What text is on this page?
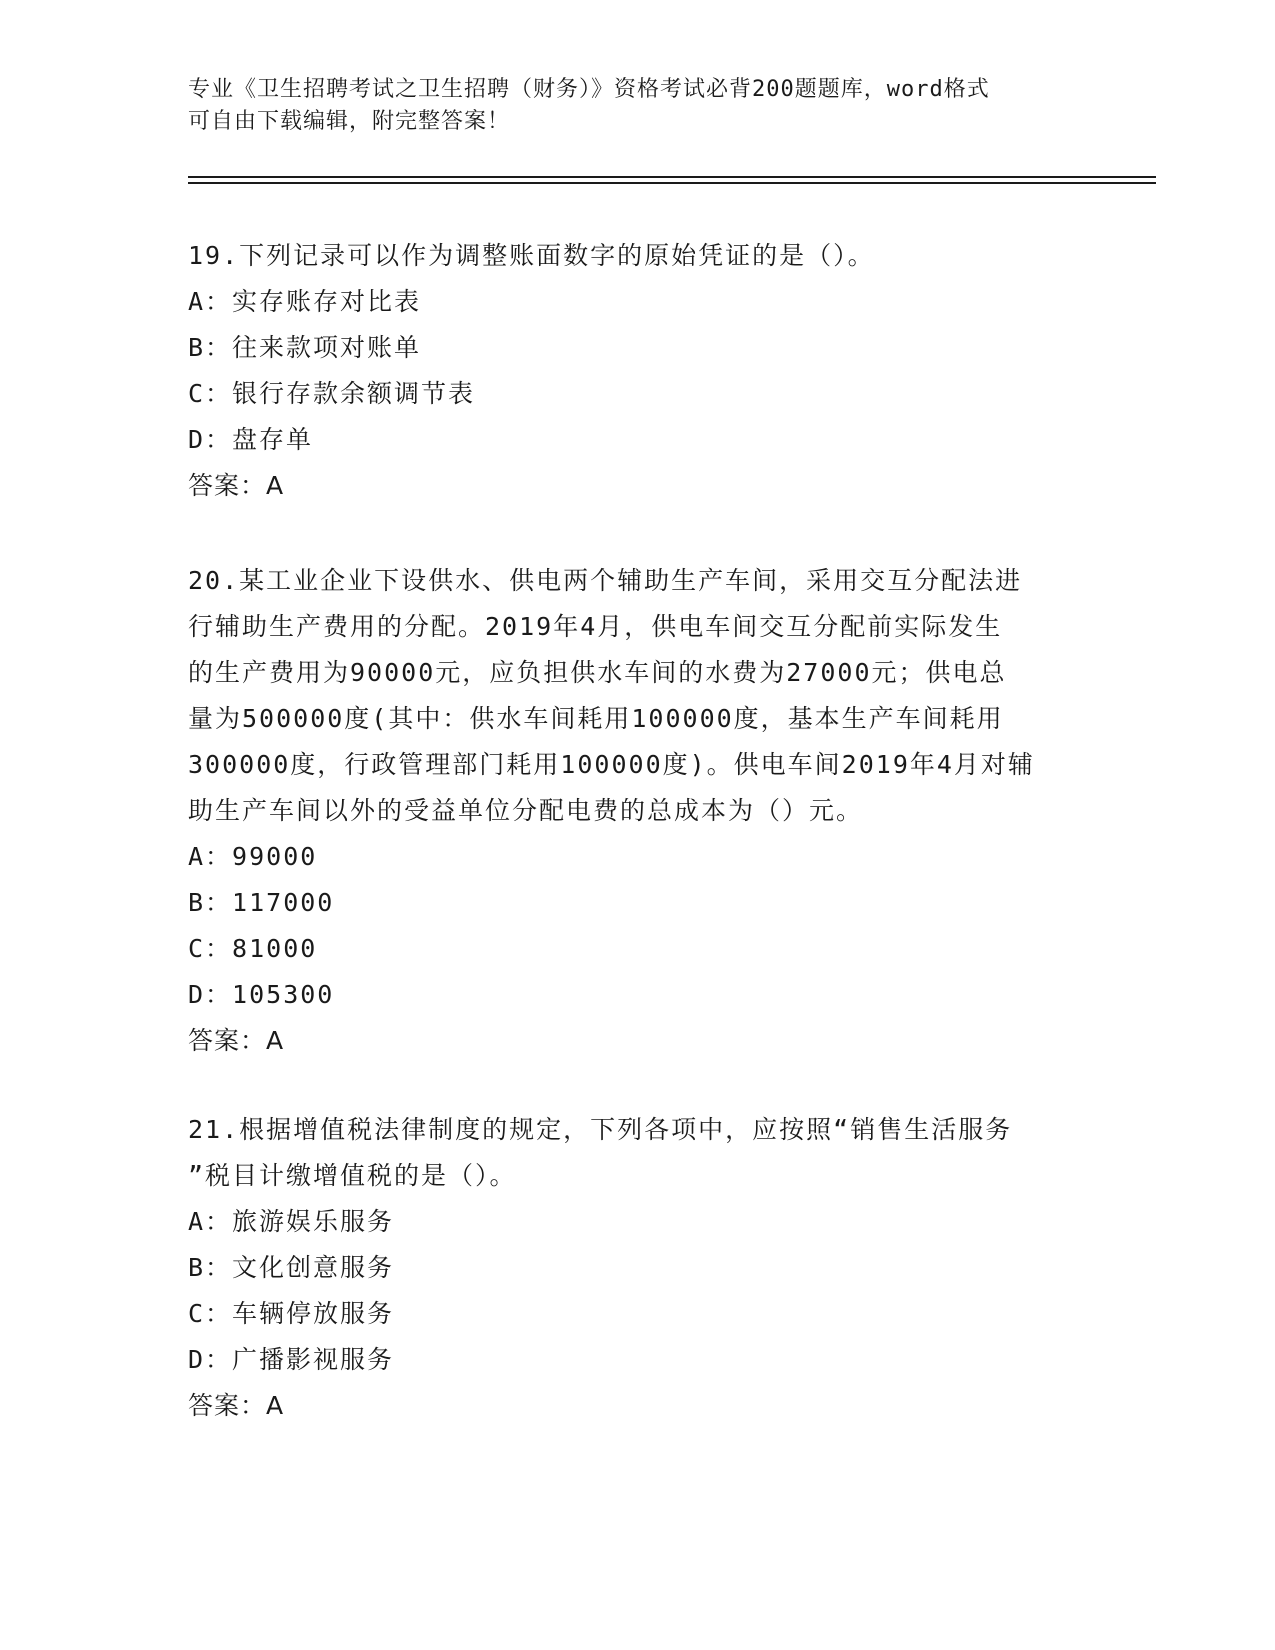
专业《卫生招聘考试之卫生招聘（财务）》资格考试必背200题题库，word格式
可自由下载编辑，附完整答案！
19.下列记录可以作为调整账面数字的原始凭证的是（）。
A：实存账存对比表
B：往来款项对账单
C：银行存款余额调节表
D：盘存单
答案：A
20.某工业企业下设供水、供电两个辅助生产车间，采用交互分配法进
行辅助生产费用的分配。2019年4月，供电车间交互分配前实际发生
的生产费用为90000元，应负担供水车间的水费为27000元；供电总
量为500000度(其中：供水车间耗用100000度，基本生产车间耗用
300000度，行政管理部门耗用100000度)。供电车间2019年4月对辅
助生产车间以外的受益单位分配电费的总成本为（）元。
A：99000
B：117000
C：81000
D：105300
答案：A
21.根据增值税法律制度的规定，下列各项中，应按照“销售生活服务
”税目计缴增值税的是（）。
A：旅游娱乐服务
B：文化创意服务
C：车辆停放服务
D：广播影视服务
答案：A
